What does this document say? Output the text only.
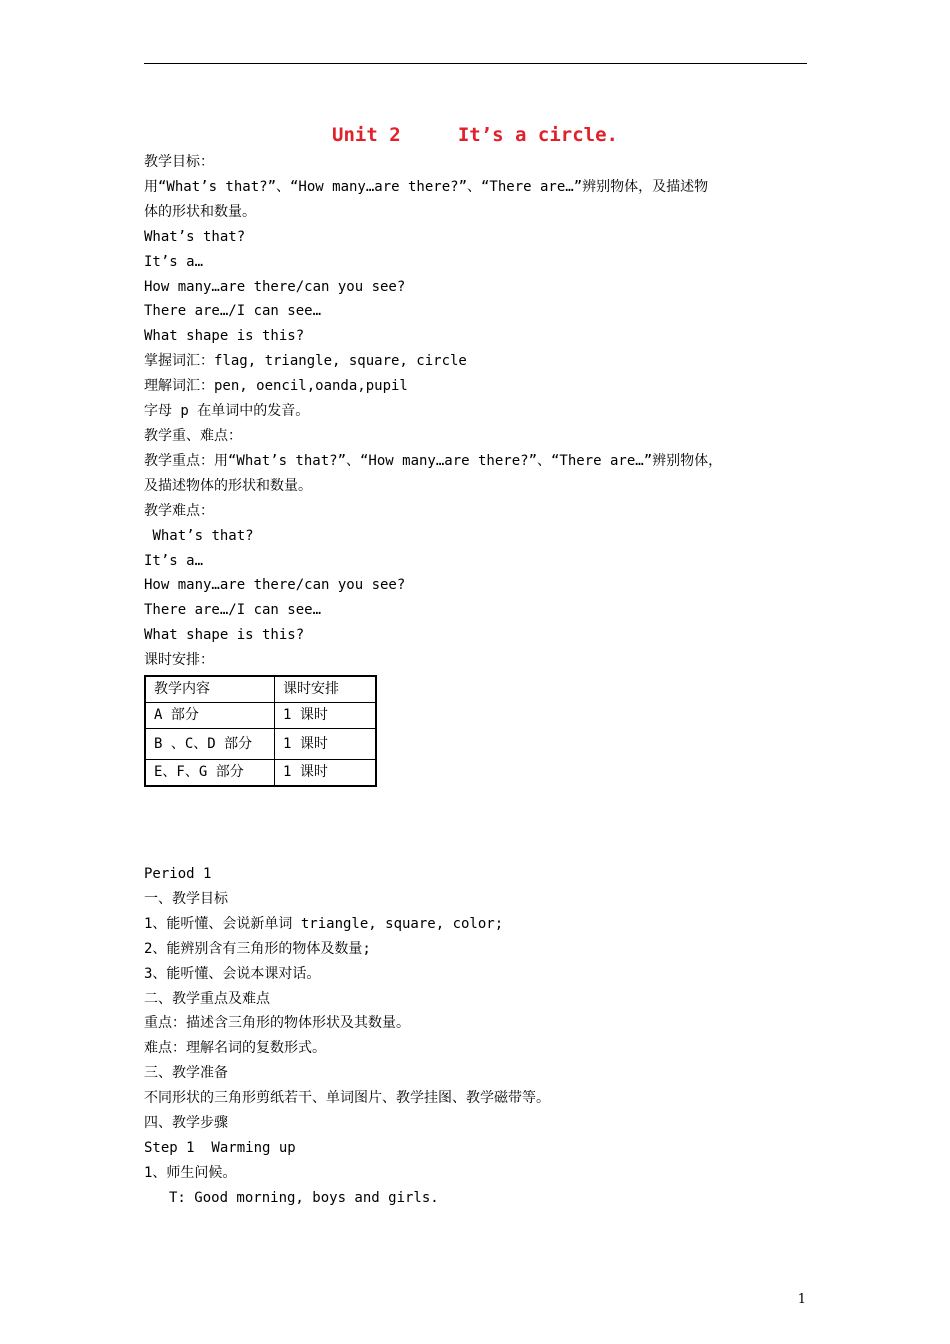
Unit 2     It’s a circle.

教学目标：

用“What’s that?”、“How many…are there?”、“There are…”辨别物体，及描述物

体的形状和数量。

What’s that?

It’s a…

How many…are there/can you see?

There are…/I can see…

What shape is this?

掌握词汇：flag, triangle, square, circle

理解词汇：pen, oencil,oanda,pupil

字母 p 在单词中的发音。

教学重、难点：

教学重点：用“What’s that?”、“How many…are there?”、“There are…”辨别物体，

及描述物体的形状和数量。

教学难点：

What’s that?

It’s a…

How many…are there/can you see?

There are…/I can see…

What shape is this?

课时安排：

教学内容	课时安排
A 部分	1 课时
B 、C、D 部分	1 课时
E、F、G 部分	1 课时

Period 1

一、教学目标

1、能听懂、会说新单词 triangle, square, color;

2、能辨别含有三角形的物体及数量;

3、能听懂、会说本课对话。

二、教学重点及难点

重点：描述含三角形的物体形状及其数量。

难点：理解名词的复数形式。

三、教学准备

不同形状的三角形剪纸若干、单词图片、教学挂图、教学磁带等。

四、教学步骤

Step 1  Warming up

1、师生问候。

T: Good morning, boys and girls.

1
